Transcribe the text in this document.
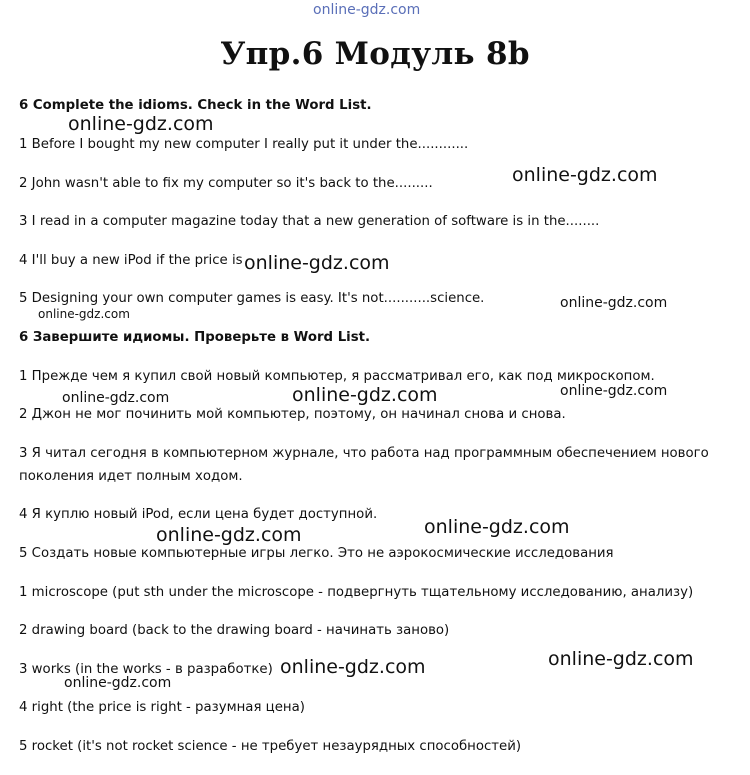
online-gdz.com
Упр.6 Модуль 8b
6 Complete the idioms. Check in the Word List.
1 Before I bought my new computer I really put it under the............
2 John wasn't able to fix my computer so it's back to the.........
3 I read in a computer magazine today that a new generation of software is in the........
4 I'll buy a new iPod if the price is
5 Designing your own computer games is easy. It's not...........science.
6 Завершите идиомы. Проверьте в Word List.
1 Прежде чем я купил свой новый компьютер, я рассматривал его, как под микроскопом.
2 Джон не мог починить мой компьютер, поэтому, он начинал снова и снова.
3 Я читал сегодня в компьютерном журнале, что работа над программным обеспечением нового
поколения идет полным ходом.
4 Я куплю новый iPod, если цена будет доступной.
5 Создать новые компьютерные игры легко. Это не аэрокосмические исследования
1 microscope (put sth under the microscope - подвергнуть тщательному исследованию, анализу)
2 drawing board (back to the drawing board - начинать заново)
3 works (in the works - в разработке)
4 right (the price is right - разумная цена)
5 rocket (it's not rocket science - не требует незаурядных способностей)
online-gdz.com
online-gdz.com
online-gdz.com
online-gdz.com
online-gdz.com
online-gdz.com	online-gdz.com
online-gdz.com
online-gdz.com
online-gdz.com
online-gdz.com	online-gdz.com
online-gdz.com
